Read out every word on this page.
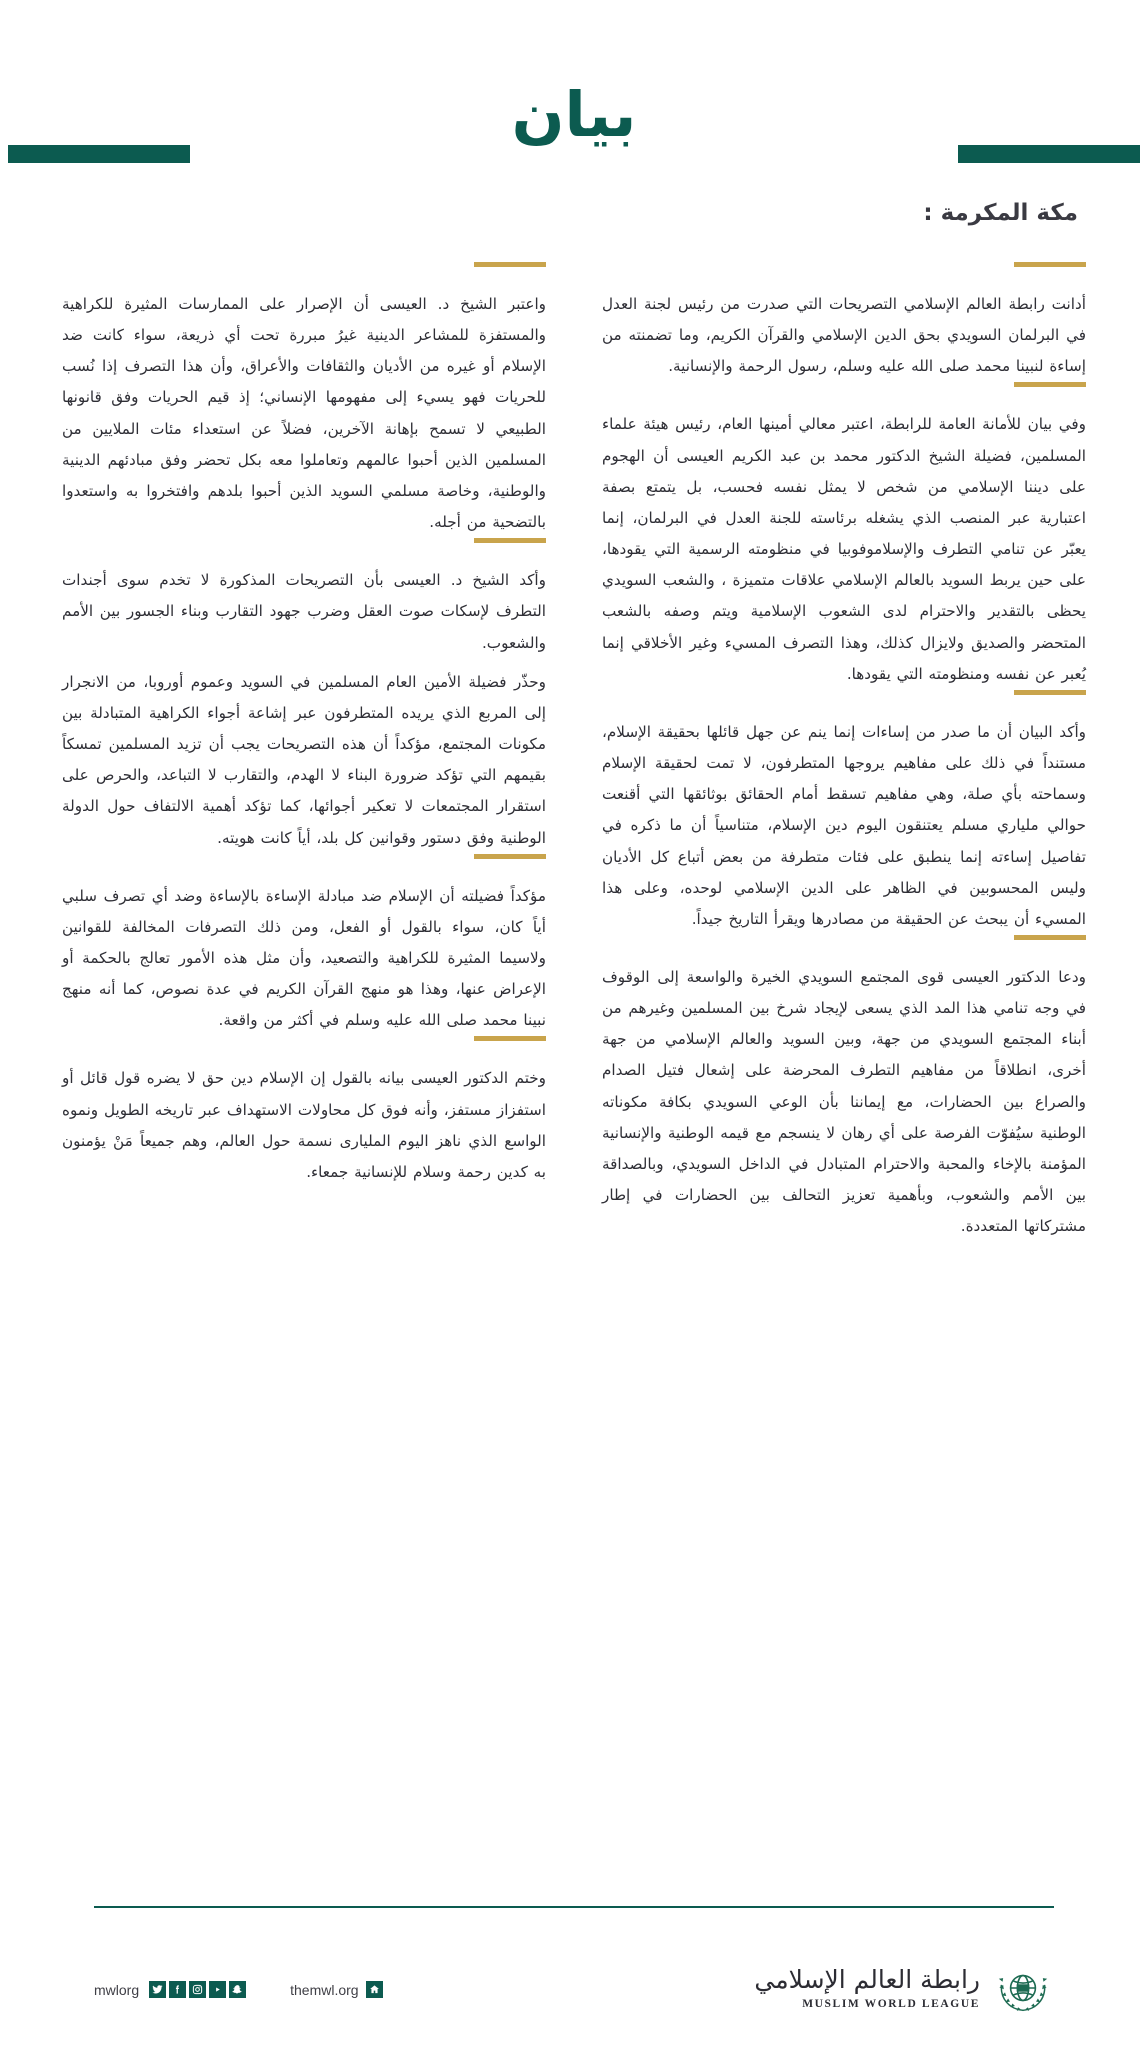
بيان
مكة المكرمة :

أدانت رابطة العالم الإسلامي التصريحات التي صدرت من رئيس لجنة العدل في البرلمان السويدي بحق الدين الإسلامي والقرآن الكريم، وما تضمنته من إساءة لنبينا محمد صلى الله عليه وسلم، رسول الرحمة والإنسانية.

وفي بيان للأمانة العامة للرابطة، اعتبر معالي أمينها العام، رئيس هيئة علماء المسلمين، فضيلة الشيخ الدكتور محمد بن عبد الكريم العيسى أن الهجوم على ديننا الإسلامي من شخص لا يمثل نفسه فحسب، بل يتمتع بصفة اعتبارية عبر المنصب الذي يشغله برئاسته للجنة العدل في البرلمان، إنما يعبّر عن تنامي التطرف والإسلاموفوبيا في منظومته الرسمية التي يقودها، على حين يربط السويد بالعالم الإسلامي علاقات متميزة ، والشعب السويدي يحظى بالتقدير والاحترام لدى الشعوب الإسلامية ويتم وصفه بالشعب المتحضر والصديق ولايزال كذلك، وهذا التصرف المسيء وغير الأخلاقي إنما يُعبر عن نفسه ومنظومته التي يقودها.

وأكد البيان أن ما صدر من إساءات إنما ينم عن جهل قائلها بحقيقة الإسلام، مستنداً في ذلك على مفاهيم يروجها المتطرفون، لا تمت لحقيقة الإسلام وسماحته بأي صلة، وهي مفاهيم تسقط أمام الحقائق بوثائقها التي أقنعت حوالي ملياري مسلم يعتنقون اليوم دين الإسلام، متناسياً أن ما ذكره في تفاصيل إساءته إنما ينطبق على فئات متطرفة من بعض أتباع كل الأديان وليس المحسوبين في الظاهر على الدين الإسلامي لوحده، وعلى هذا المسيء أن يبحث عن الحقيقة من مصادرها ويقرأ التاريخ جيداً.

ودعا الدكتور العيسى قوى المجتمع السويدي الخيرة والواسعة إلى الوقوف في وجه تنامي هذا المد الذي يسعى لإيجاد شرخ بين المسلمين وغيرهم من أبناء المجتمع السويدي من جهة، وبين السويد والعالم الإسلامي من جهة أخرى، انطلاقاً من مفاهيم التطرف المحرضة على إشعال فتيل الصدام والصراع بين الحضارات، مع إيماننا بأن الوعي السويدي بكافة مكوناته الوطنية سيُفوّت الفرصة على أي رهان لا ينسجم مع قيمه الوطنية والإنسانية المؤمنة بالإخاء والمحبة والاحترام المتبادل في الداخل السويدي، وبالصداقة بين الأمم والشعوب، وبأهمية تعزيز التحالف بين الحضارات في إطار مشتركاتها المتعددة.

واعتبر الشيخ د. العيسى أن الإصرار على الممارسات المثيرة للكراهية والمستفزة للمشاعر الدينية غيرُ مبررة تحت أي ذريعة، سواء كانت ضد الإسلام أو غيره من الأديان والثقافات والأعراق، وأن هذا التصرف إذا نُسب للحريات فهو يسيء إلى مفهومها الإنساني؛ إذ قيم الحريات وفق قانونها الطبيعي لا تسمح بإهانة الآخرين، فضلاً عن استعداء مئات الملايين من المسلمين الذين أحبوا عالمهم وتعاملوا معه بكل تحضر وفق مبادئهم الدينية والوطنية، وخاصة مسلمي السويد الذين أحبوا بلدهم وافتخروا به واستعدوا بالتضحية من أجله.

وأكد الشيخ د. العيسى بأن التصريحات المذكورة لا تخدم سوى أجندات التطرف لإسكات صوت العقل وضرب جهود التقارب وبناء الجسور بين الأمم والشعوب.

وحذّر فضيلة الأمين العام المسلمين في السويد وعموم أوروبا، من الانجرار إلى المربع الذي يريده المتطرفون عبر إشاعة أجواء الكراهية المتبادلة بين مكونات المجتمع، مؤكداً أن هذه التصريحات يجب أن تزيد المسلمين تمسكاً بقيمهم التي تؤكد ضرورة البناء لا الهدم، والتقارب لا التباعد، والحرص على استقرار المجتمعات لا تعكير أجوائها، كما تؤكد أهمية الالتفاف حول الدولة الوطنية وفق دستور وقوانين كل بلد، أياً كانت هويته.

مؤكداً فضيلته أن الإسلام ضد مبادلة الإساءة بالإساءة وضد أي تصرف سلبي أياً كان، سواء بالقول أو الفعل، ومن ذلك التصرفات المخالفة للقوانين ولاسيما المثيرة للكراهية والتصعيد، وأن مثل هذه الأمور تعالج بالحكمة أو الإعراض عنها، وهذا هو منهج القرآن الكريم في عدة نصوص، كما أنه منهج نبينا محمد صلى الله عليه وسلم في أكثر من واقعة.

وختم الدكتور العيسى بيانه بالقول إن الإسلام دين حق لا يضره قول قائل أو استفزاز مستفز، وأنه فوق كل محاولات الاستهداف عبر تاريخه الطويل ونموه الواسع الذي ناهز اليوم المليارى نسمة حول العالم، وهم جميعاً مَنْ يؤمنون به كدين رحمة وسلام للإنسانية جمعاء.

mwlorg	themwl.org	رابطة العالم الإسلامي
MUSLIM WORLD LEAGUE
